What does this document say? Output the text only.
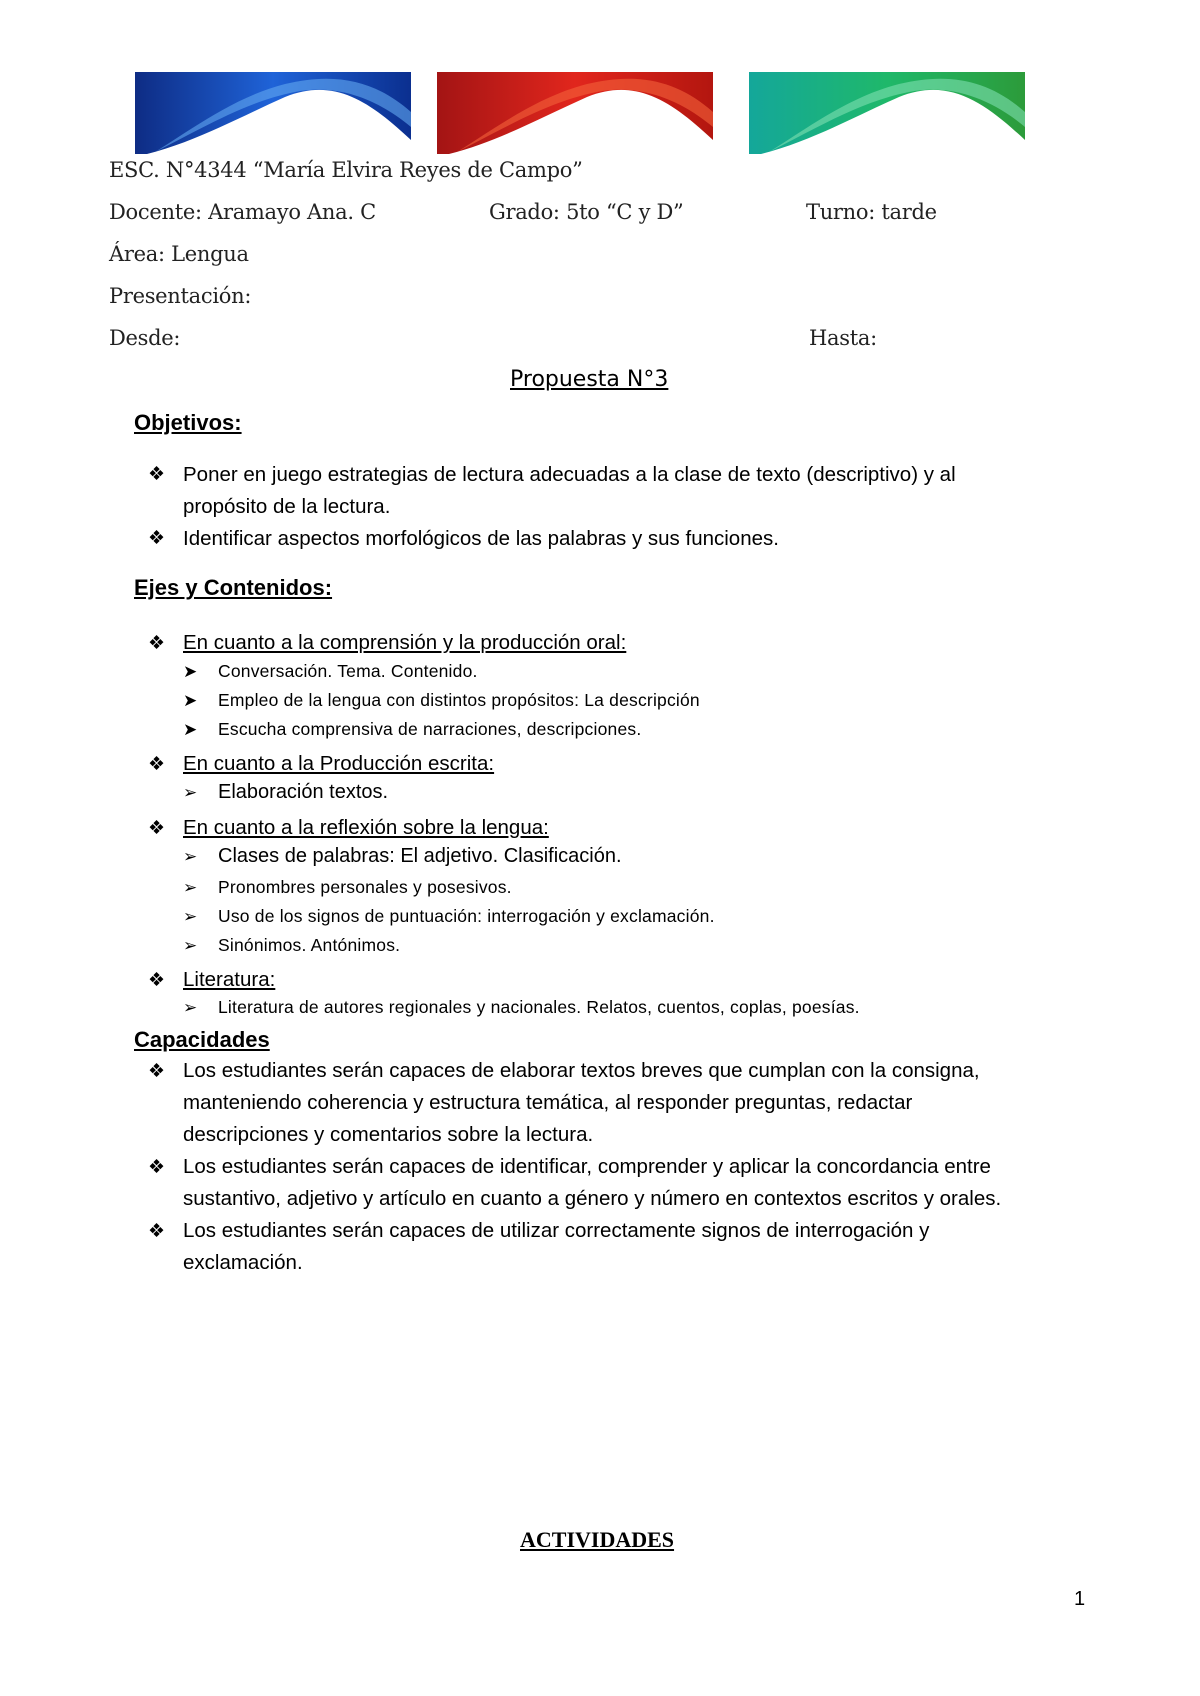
ESC. N°4344 “María Elvira Reyes de Campo”
Docente: Aramayo Ana. C	Grado: 5to “C y D”	Turno: tarde
Área: Lengua
Presentación:
Desde:	Hasta:
Propuesta N°3
Objetivos:
❖ Poner en juego estrategias de lectura adecuadas a la clase de texto (descriptivo) y al
propósito de la lectura.
❖ Identificar aspectos morfológicos de las palabras y sus funciones.
Ejes y Contenidos:
❖ En cuanto a la comprensión y la producción oral:
➤ Conversación. Tema. Contenido.
➤ Empleo de la lengua con distintos propósitos: La descripción
➤ Escucha comprensiva de narraciones, descripciones.
❖ En cuanto a la Producción escrita:
➢ Elaboración textos.
❖ En cuanto a la reflexión sobre la lengua:
➢ Clases de palabras: El adjetivo. Clasificación.
➢ Pronombres personales y posesivos.
➢ Uso de los signos de puntuación: interrogación y exclamación.
➢ Sinónimos. Antónimos.
❖ Literatura:
➢ Literatura de autores regionales y nacionales. Relatos, cuentos, coplas, poesías.
Capacidades
❖ Los estudiantes serán capaces de elaborar textos breves que cumplan con la consigna,
manteniendo coherencia y estructura temática, al responder preguntas, redactar
descripciones y comentarios sobre la lectura.
❖ Los estudiantes serán capaces de identificar, comprender y aplicar la concordancia entre
sustantivo, adjetivo y artículo en cuanto a género y número en contextos escritos y orales.
❖ Los estudiantes serán capaces de utilizar correctamente signos de interrogación y
exclamación.
ACTIVIDADES
1
